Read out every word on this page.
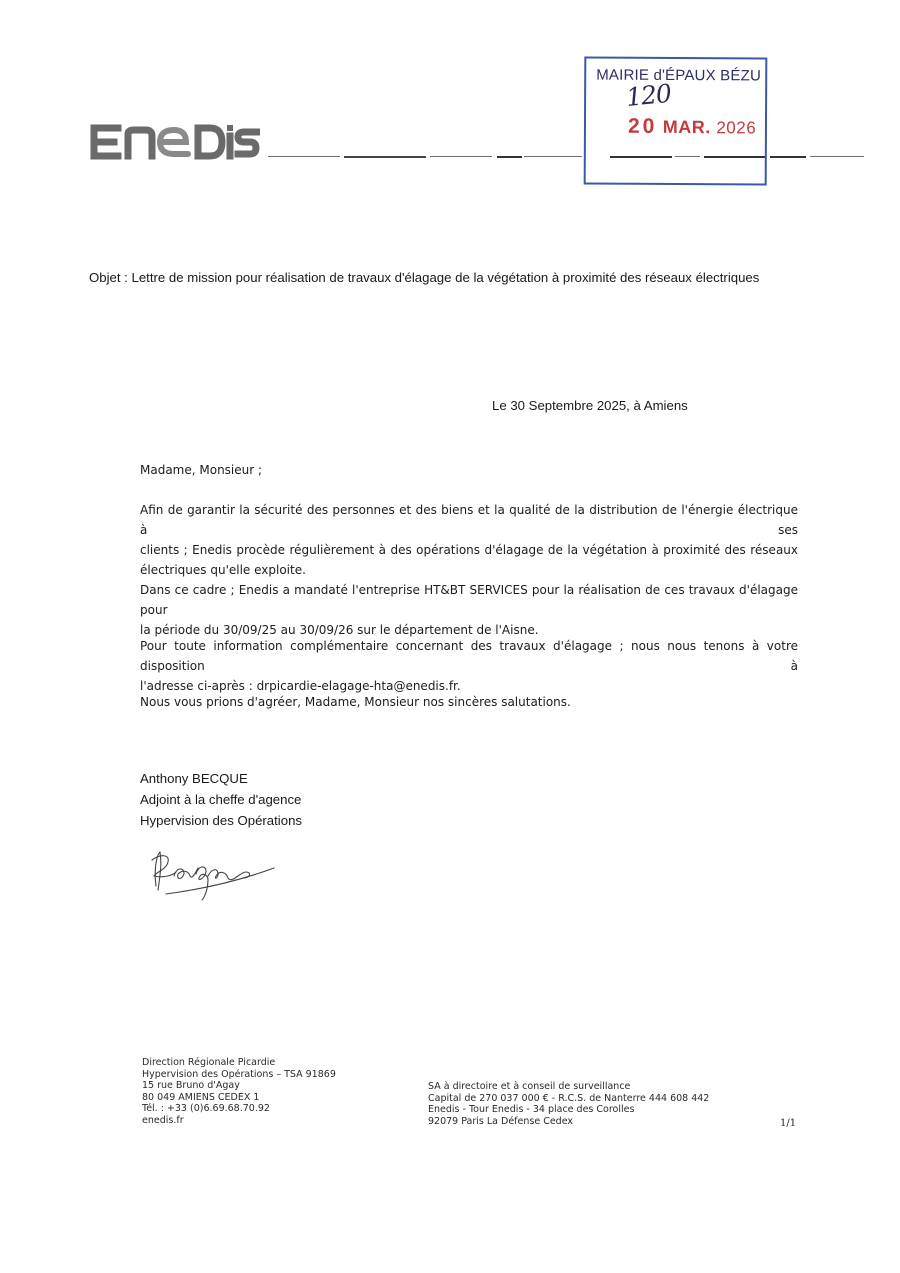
MAIRIE d'ÉPAUX BÉZU
120
20 MAR. 2026
Objet : Lettre de mission pour réalisation de travaux d'élagage de la végétation à proximité des réseaux électriques
Le 30 Septembre 2025, à Amiens
Madame, Monsieur ;
Afin de garantir la sécurité des personnes et des biens et la qualité de la distribution de l'énergie électrique à ses
clients ; Enedis procède régulièrement à des opérations d'élagage de la végétation à proximité des réseaux
électriques qu'elle exploite.
Dans ce cadre ; Enedis a mandaté l'entreprise HT&BT SERVICES pour la réalisation de ces travaux d'élagage pour
la période du 30/09/25 au 30/09/26 sur le département de l'Aisne.
Pour toute information complémentaire concernant des travaux d'élagage ; nous nous tenons à votre disposition à
l'adresse ci-après : drpicardie-elagage-hta@enedis.fr.
Nous vous prions d'agréer, Madame, Monsieur nos sincères salutations.
Anthony BECQUE
Adjoint à la cheffe d'agence
Hypervision des Opérations
Direction Régionale Picardie
Hypervision des Opérations – TSA 91869
15 rue Bruno d'Agay
80 049 AMIENS CEDEX 1
Tél. : +33 (0)6.69.68.70.92
enedis.fr
SA à directoire et à conseil de surveillance
Capital de 270 037 000 € - R.C.S. de Nanterre 444 608 442
Enedis - Tour Enedis - 34 place des Corolles
92079 Paris La Défense Cedex	1/1
